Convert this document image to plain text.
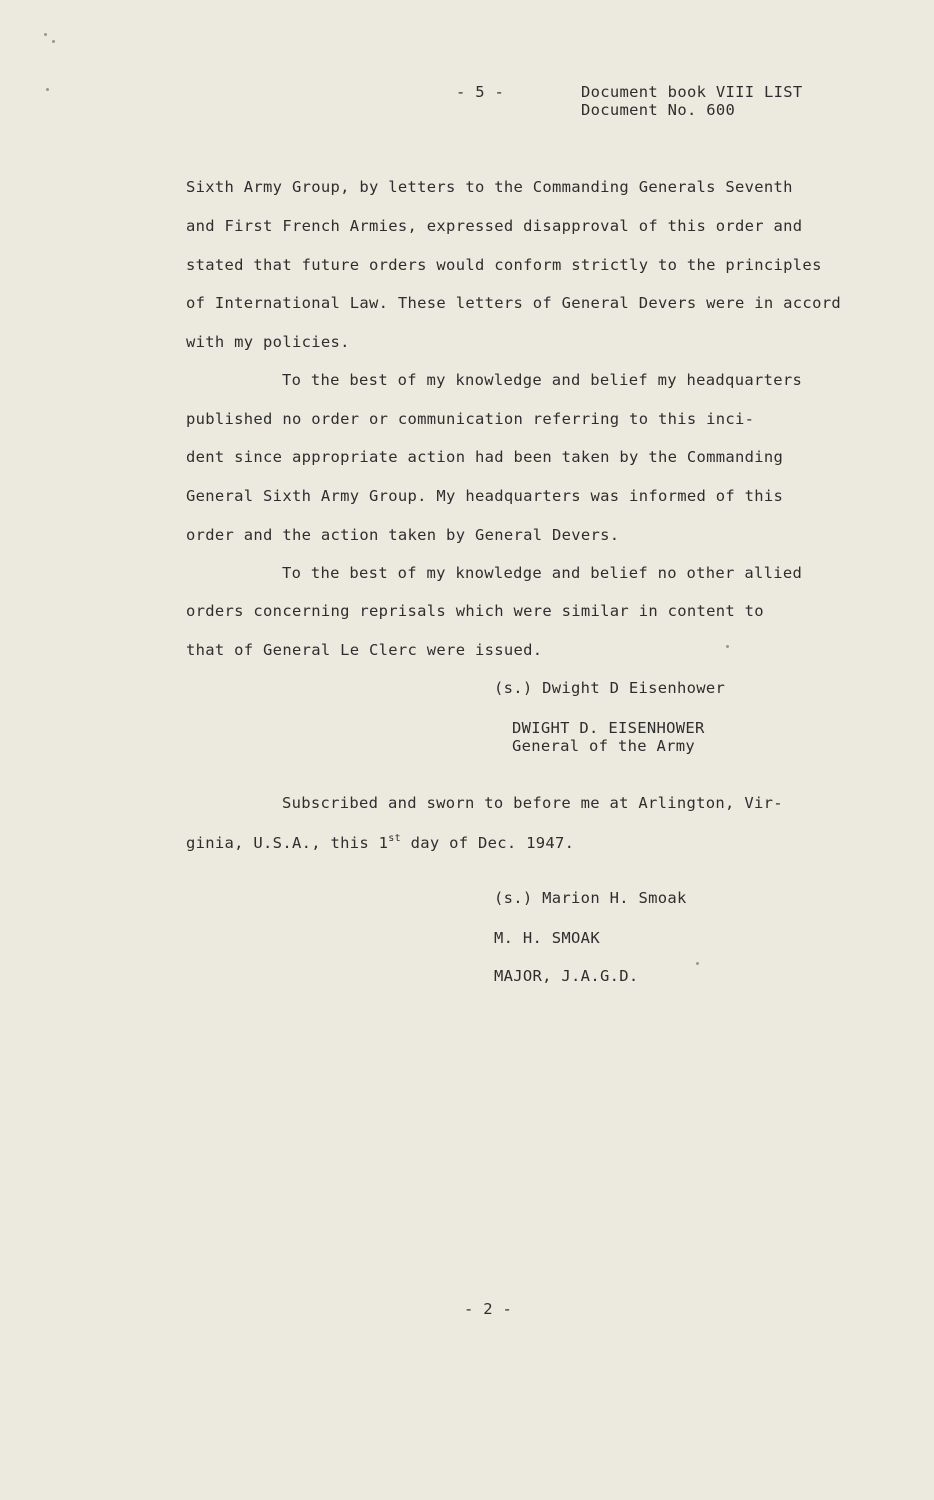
- 5 -	Document book VIII LIST
Document No. 600
Sixth Army Group, by letters to the Commanding Generals Seventh
and First French Armies, expressed disapproval of this order and
stated that future orders would conform strictly to the principles
of International Law. These letters of General Devers were in accord
with my policies.
To the best of my knowledge and belief my headquarters
published no order or communication referring to this inci-
dent since appropriate action had been taken by the Commanding
General Sixth Army Group. My headquarters was informed of this
order and the action taken by General Devers.
To the best of my knowledge and belief no other allied
orders concerning reprisals which were similar in content to
that of General Le Clerc were issued.
(s.) Dwight D Eisenhower
DWIGHT D. EISENHOWER
General of the Army
Subscribed and sworn to before me at Arlington, Vir-
ginia, U.S.A., this 1st day of Dec. 1947.
(s.) Marion H. Smoak
M. H. SMOAK
MAJOR, J.A.G.D.
- 2 -
